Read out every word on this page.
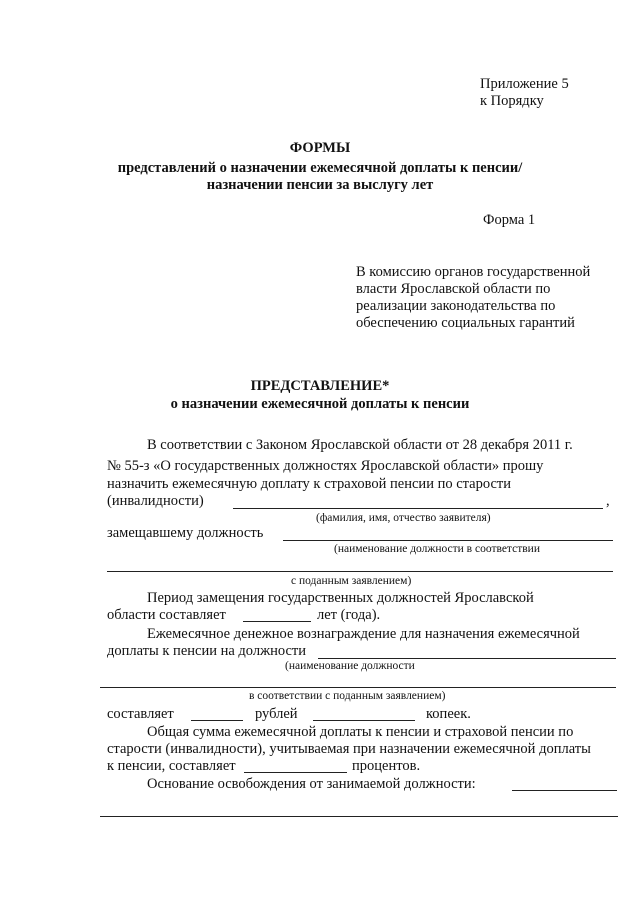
Приложение 5
к Порядку
ФОРМЫ
представлений о назначении ежемесячной доплаты к пенсии/
назначении пенсии за выслугу лет
Форма 1
В комиссию органов государственной
власти Ярославской области по
реализации законодательства по
обеспечению социальных гарантий
ПРЕДСТАВЛЕНИЕ*
о назначении ежемесячной доплаты к пенсии
В соответствии с Законом Ярославской области от 28 декабря 2011 г.
№ 55-з «О государственных должностях Ярославской области» прошу
назначить ежемесячную доплату к страховой пенсии по старости
(инвалидности)	,
(фамилия, имя, отчество заявителя)
замещавшему должность
(наименование должности в соответствии
с поданным заявлением)
Период замещения государственных должностей Ярославской
области составляет	лет (года).
Ежемесячное денежное вознаграждение для назначения ежемесячной
доплаты к пенсии на должности
(наименование должности
в соответствии с поданным заявлением)
составляет	рублей	копеек.
Общая сумма ежемесячной доплаты к пенсии и страховой пенсии по
старости (инвалидности), учитываемая при назначении ежемесячной доплаты
к пенсии, составляет	процентов.
Основание освобождения от занимаемой должности:
